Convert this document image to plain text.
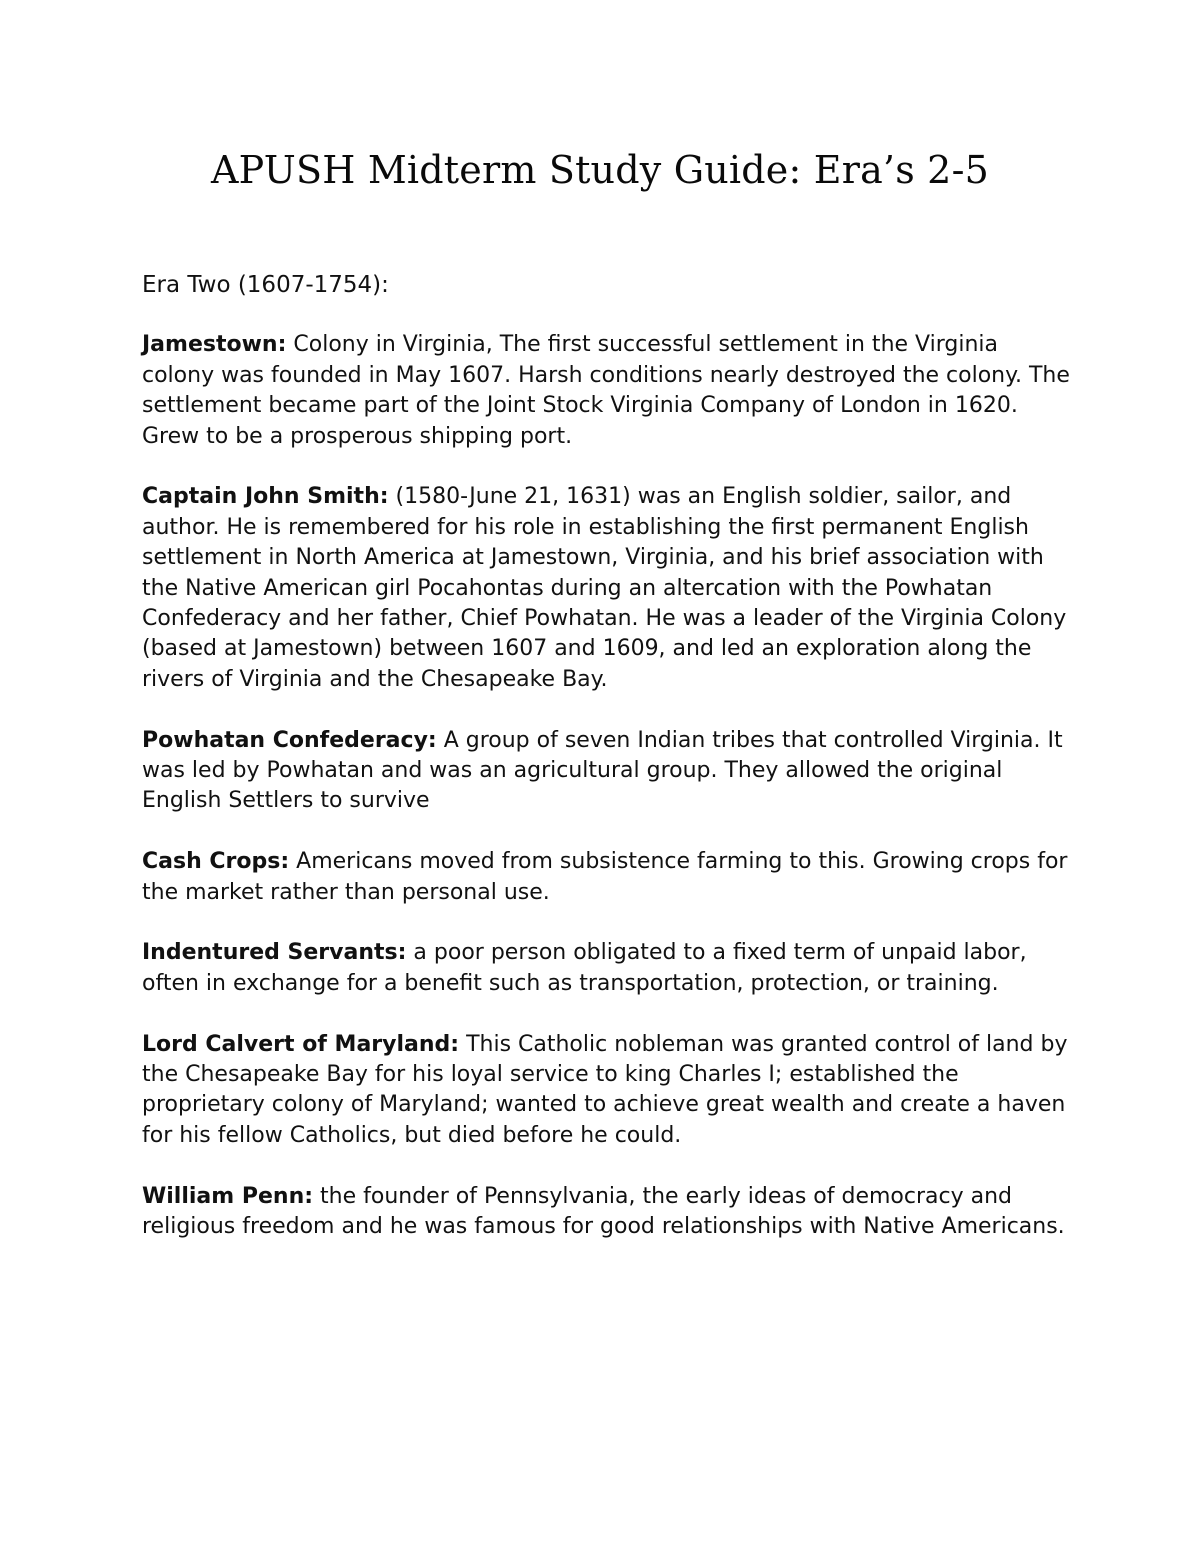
APUSH Midterm Study Guide: Era’s 2-5

Era Two (1607-1754):

Jamestown: Colony in Virginia, The first successful settlement in the Virginia colony was founded in May 1607. Harsh conditions nearly destroyed the colony. The settlement became part of the Joint Stock Virginia Company of London in 1620. Grew to be a prosperous shipping port.

Captain John Smith: (1580-June 21, 1631) was an English soldier, sailor, and author. He is remembered for his role in establishing the first permanent English settlement in North America at Jamestown, Virginia, and his brief association with the Native American girl Pocahontas during an altercation with the Powhatan Confederacy and her father, Chief Powhatan. He was a leader of the Virginia Colony (based at Jamestown) between 1607 and 1609, and led an exploration along the rivers of Virginia and the Chesapeake Bay.

Powhatan Confederacy: A group of seven Indian tribes that controlled Virginia. It was led by Powhatan and was an agricultural group. They allowed the original English Settlers to survive

Cash Crops: Americans moved from subsistence farming to this. Growing crops for the market rather than personal use.

Indentured Servants: a poor person obligated to a fixed term of unpaid labor, often in exchange for a benefit such as transportation, protection, or training.

Lord Calvert of Maryland: This Catholic nobleman was granted control of land by the Chesapeake Bay for his loyal service to king Charles I; established the proprietary colony of Maryland; wanted to achieve great wealth and create a haven for his fellow Catholics, but died before he could.

William Penn: the founder of Pennsylvania, the early ideas of democracy and religious freedom and he was famous for good relationships with Native Americans.
